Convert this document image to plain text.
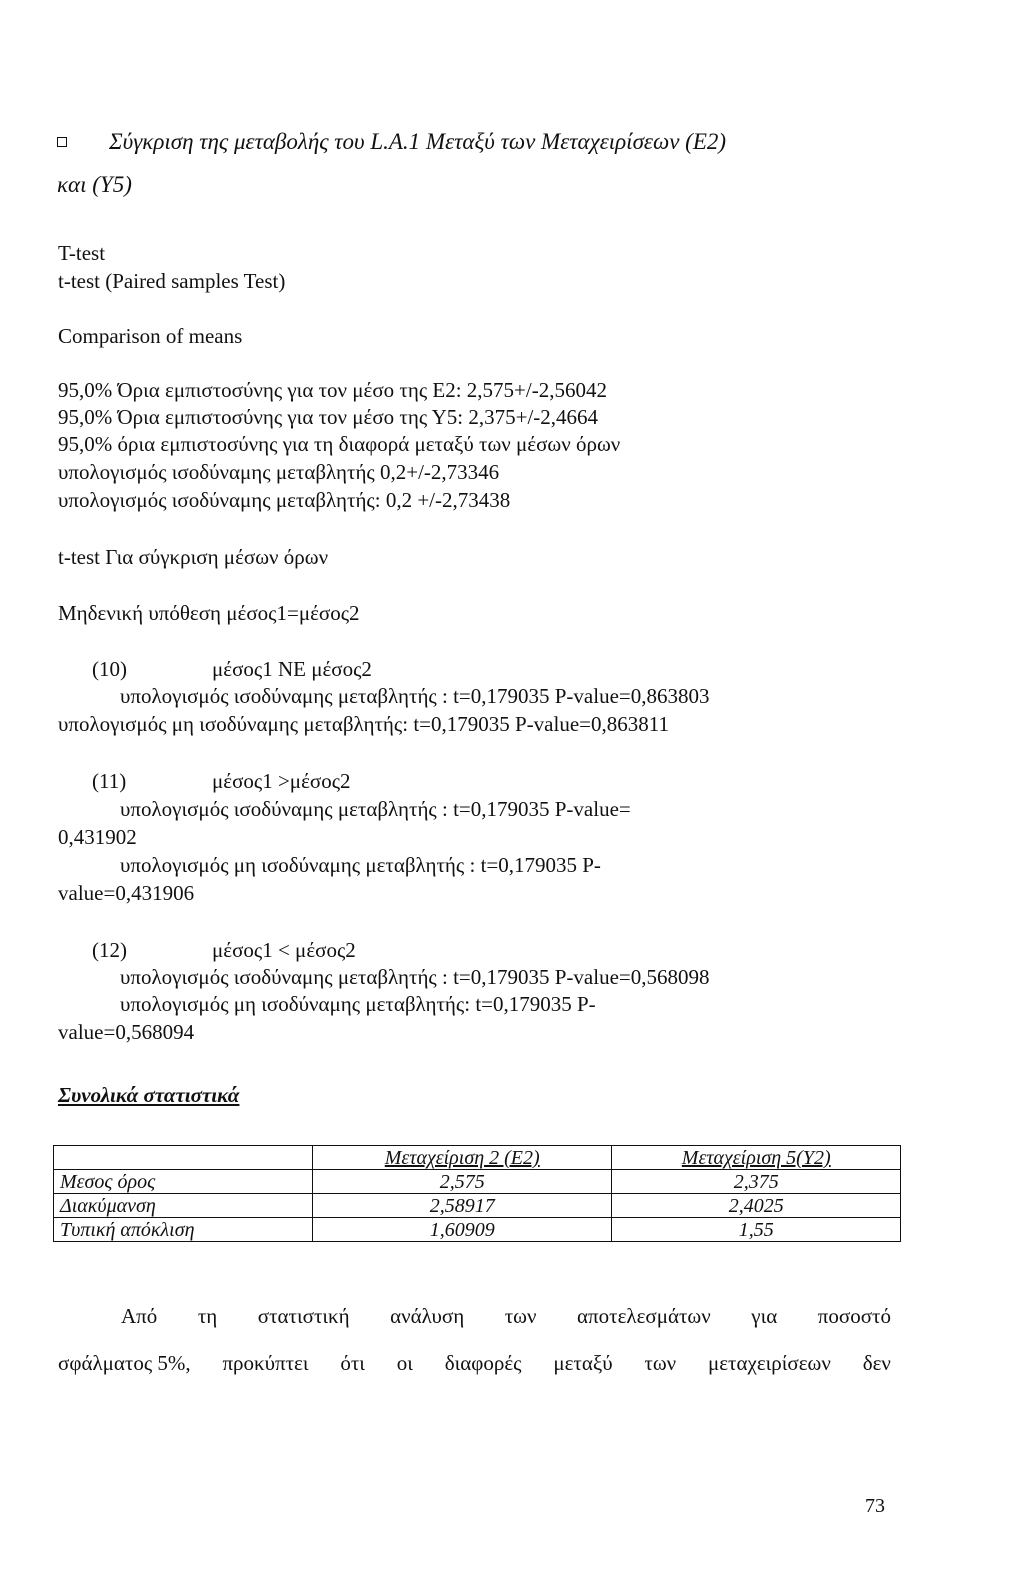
Σύγκριση της μεταβολής του L.A.1 Μεταξύ των Μεταχειρίσεων (Ε2)
και (Υ5)
T-test
t-test (Paired samples Test)
Comparison of means
95,0% Όρια εμπιστοσύνης για τον μέσο της Ε2: 2,575+/-2,56042
95,0% Όρια εμπιστοσύνης για τον μέσο της Υ5: 2,375+/-2,4664
95,0% όρια εμπιστοσύνης για τη διαφορά μεταξύ των μέσων όρων
υπολογισμός ισοδύναμης μεταβλητής 0,2+/-2,73346
υπολογισμός ισοδύναμης μεταβλητής: 0,2 +/-2,73438
t-test Για σύγκριση μέσων όρων
Μηδενική υπόθεση μέσος1=μέσος2
(10)	μέσος1 ΝΕ μέσος2
υπολογισμός ισοδύναμης μεταβλητής : t=0,179035 P-value=0,863803
υπολογισμός μη ισοδύναμης μεταβλητής: t=0,179035 P-value=0,863811
(11)	μέσος1 >μέσος2
υπολογισμός ισοδύναμης μεταβλητής : t=0,179035 P-value=
0,431902
υπολογισμός μη ισοδύναμης μεταβλητής : t=0,179035 P-
value=0,431906
(12)	μέσος1 < μέσος2
υπολογισμός ισοδύναμης μεταβλητής : t=0,179035 P-value=0,568098
υπολογισμός μη ισοδύναμης μεταβλητής: t=0,179035 P-
value=0,568094
Συνολικά στατιστικά
	Μεταχείριση 2 (Ε2)	Μεταχείριση 5(Υ2)
Μεσος όρος	2,575	2,375
Διακύμανση	2,58917	2,4025
Τυπική απόκλιση	1,60909	1,55
Από τη στατιστική ανάλυση των αποτελεσμάτων για ποσοστό
σφάλματος 5%, προκύπτει ότι οι διαφορές μεταξύ των μεταχειρίσεων δεν
73
